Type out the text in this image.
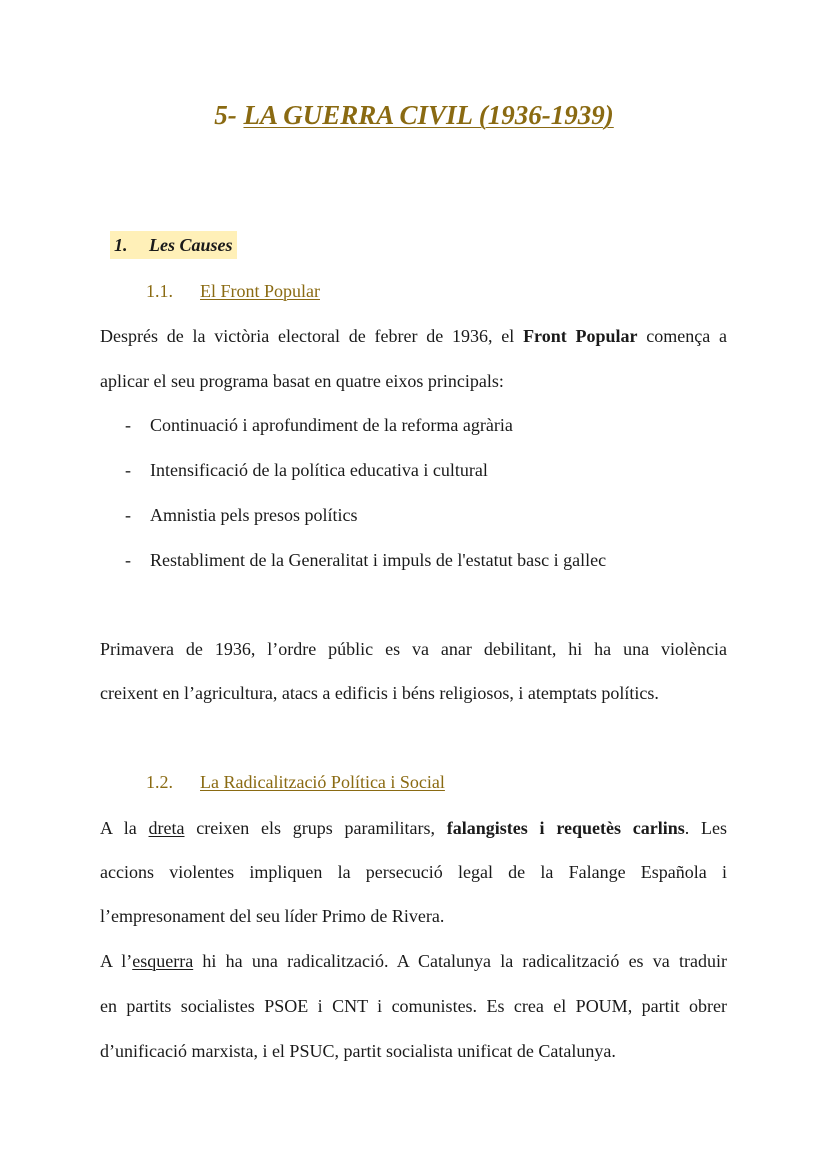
5- LA GUERRA CIVIL (1936-1939)
1. Les Causes
1.1. El Front Popular
Després de la victòria electoral de febrer de 1936, el Front Popular comença a
aplicar el seu programa basat en quatre eixos principals:
- Continuació i aprofundiment de la reforma agrària
- Intensificació de la política educativa i cultural
- Amnistia pels presos polítics
- Restabliment de la Generalitat i impuls de l'estatut basc i gallec
Primavera de 1936, l’ordre públic es va anar debilitant, hi ha una violència
creixent en l’agricultura, atacs a edificis i béns religiosos, i atemptats polítics.
1.2. La Radicalització Política i Social
A la dreta creixen els grups paramilitars, falangistes i requetès carlins. Les
accions violentes impliquen la persecució legal de la Falange Española i
l’empresonament del seu líder Primo de Rivera.
A l’esquerra hi ha una radicalització. A Catalunya la radicalització es va traduir
en partits socialistes PSOE i CNT i comunistes. Es crea el POUM, partit obrer
d’unificació marxista, i el PSUC, partit socialista unificat de Catalunya.
